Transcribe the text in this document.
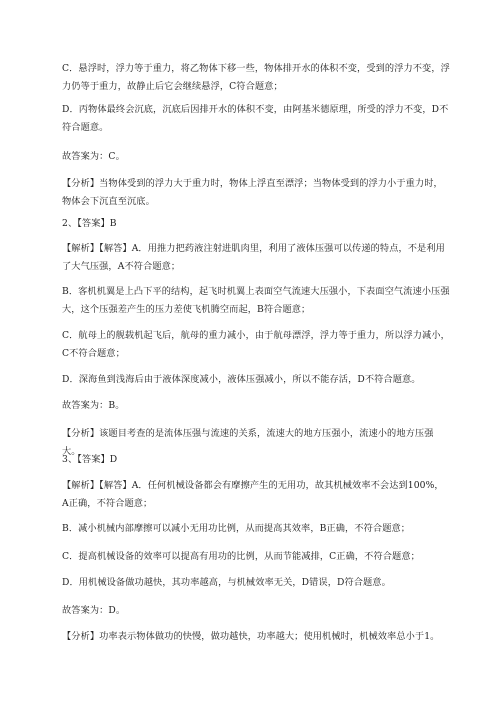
C．悬浮时，浮力等于重力，将乙物体下移一些，物体排开水的体积不变，受到的浮力不变，浮力仍等于重力，故静止后它会继续悬浮，C符合题意；
D．丙物体最终会沉底，沉底后因排开水的体积不变，由阿基米德原理，所受的浮力不变，D不符合题意。
故答案为：C。
【分析】当物体受到的浮力大于重力时，物体上浮直至漂浮；当物体受到的浮力小于重力时，物体会下沉直至沉底。
2、【答案】B
【解析】【解答】A．用推力把药液注射进肌肉里，利用了液体压强可以传递的特点，不是利用了大气压强，A不符合题意；
B．客机机翼是上凸下平的结构，起飞时机翼上表面空气流速大压强小，下表面空气流速小压强大，这个压强差产生的压力差使飞机腾空而起，B符合题意；
C．航母上的舰载机起飞后，航母的重力减小，由于航母漂浮，浮力等于重力，所以浮力减小，C不符合题意；
D．深海鱼到浅海后由于液体深度减小，液体压强减小，所以不能存活，D不符合题意。
故答案为：B。
【分析】该题目考查的是流体压强与流速的关系，流速大的地方压强小，流速小的地方压强大。
3、【答案】D
【解析】【解答】A．任何机械设备都会有摩擦产生的无用功，故其机械效率不会达到100%，A正确，不符合题意；
B．减小机械内部摩擦可以减小无用功比例，从而提高其效率，B正确，不符合题意；
C．提高机械设备的效率可以提高有用功的比例，从而节能减排，C正确，不符合题意；
D．用机械设备做功越快，其功率越高，与机械效率无关，D错误，D符合题意。
故答案为：D。
【分析】功率表示物体做功的快慢，做功越快，功率越大；使用机械时，机械效率总小于1。
